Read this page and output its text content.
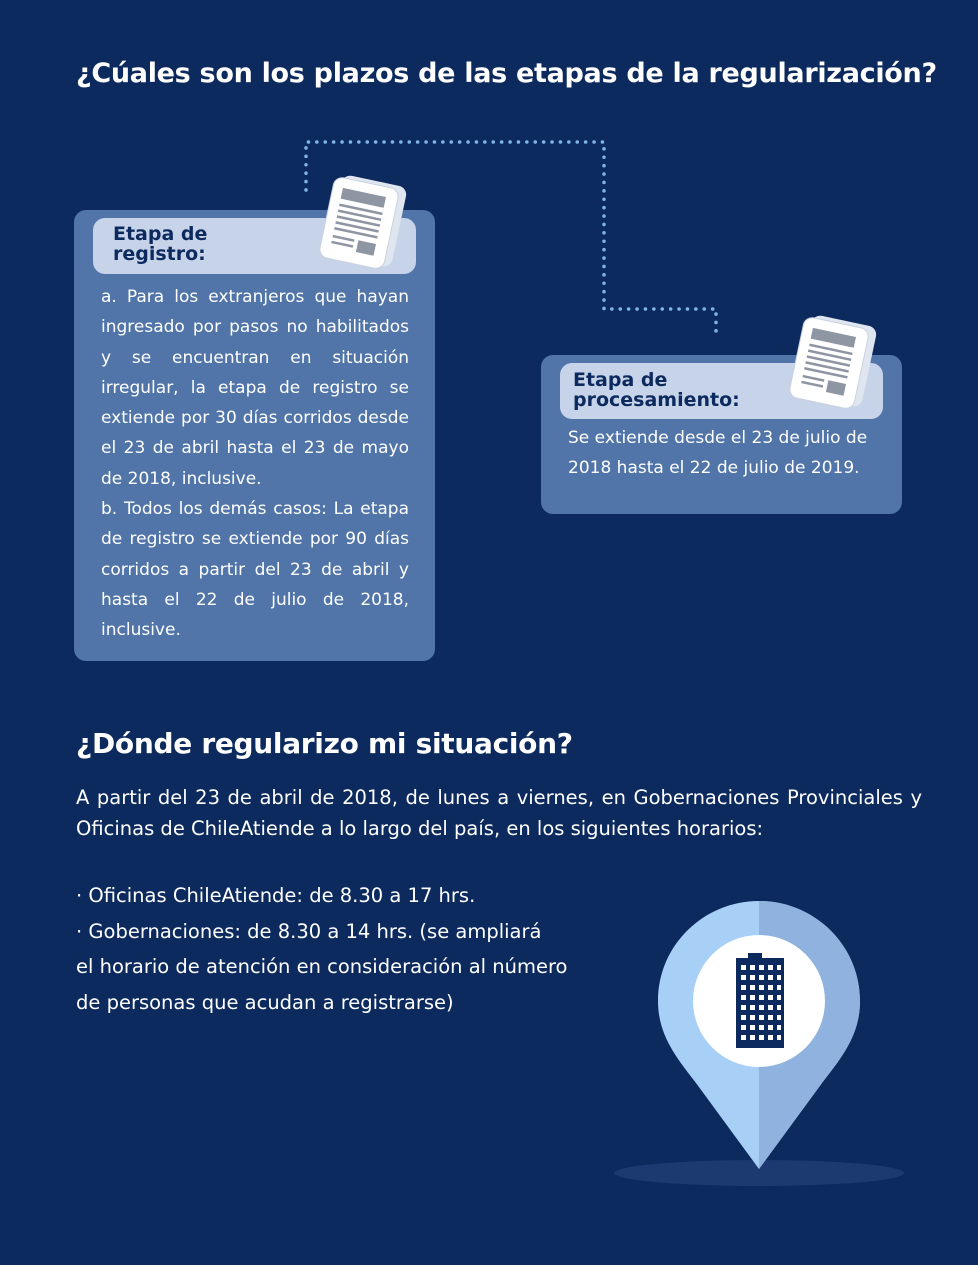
¿Cúales son los plazos de las etapas de la regularización?
Etapa de
registro:

a. Para los extranjeros que hayan ingresado por pasos no habilitados y se encuentran en situación irregular, la etapa de registro se extiende por 30 días corridos desde el 23 de abril hasta el 23 de mayo de 2018, inclusive.

b. Todos los demás casos: La etapa de registro se extiende por 90 días corridos a partir del 23 de abril y hasta el 22 de julio de 2018, inclusive.

Etapa de
procesamiento:

Se extiende desde el 23 de julio de 2018 hasta el 22 de julio de 2019.

¿Dónde regularizo mi situación?

A partir del 23 de abril de 2018, de lunes a viernes, en Gobernaciones Provinciales y Oficinas de ChileAtiende a lo largo del país, en los siguientes horarios:

· Oficinas ChileAtiende: de 8.30 a 17 hrs.
· Gobernaciones: de 8.30 a 14 hrs. (se ampliará
el horario de atención en consideración al número
de personas que acudan a registrarse)
